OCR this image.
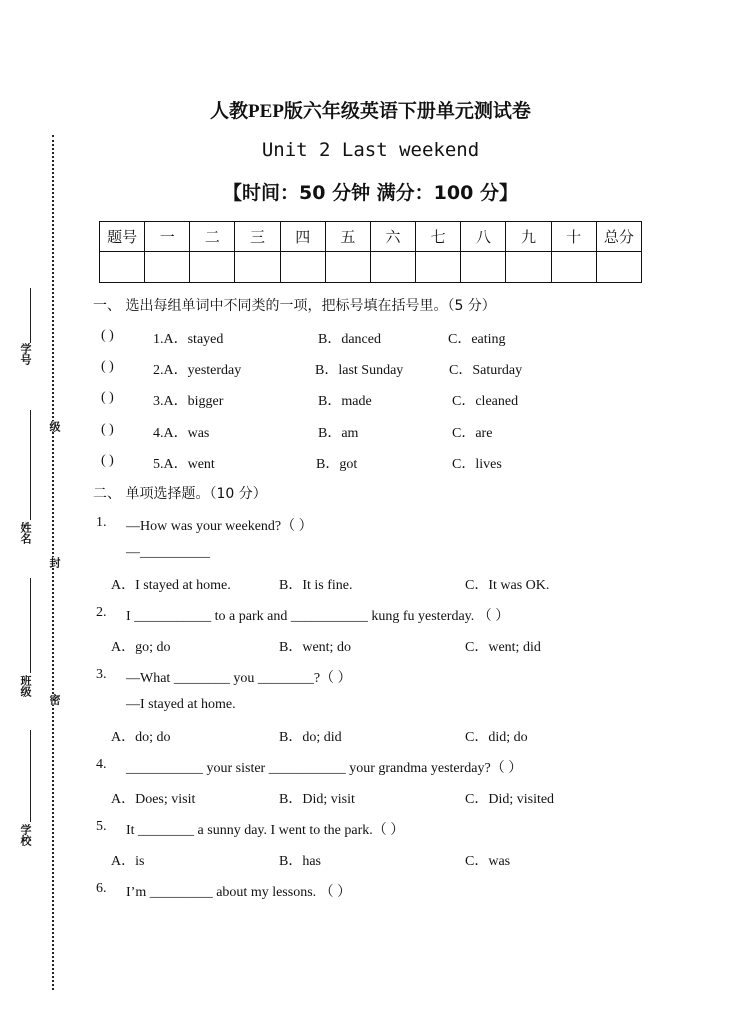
人教PEP版六年级英语下册单元测试卷
Unit 2 Last weekend
【时间：50 分钟 满分：100 分】
题号	一	二	三	四	五	六	七	八	九	十	总分

学号
级
姓名
封
班级
密
学校
一、 选出每组单词中不同类的一项，把标号填在括号里。（5 分）
( )	1.A．stayed	B．danced	C．eating
( )	2.A．yesterday	B．last Sunday	C．Saturday
( )	3.A．bigger	B．made	C．cleaned
( )	4.A．was	B．am	C．are
( )	5.A．went	B．got	C．lives
二、 单项选择题。（10 分）
1. —How was your weekend?（ ）
—__________
A．I stayed at home.	B．It is fine.	C．It was OK.
2. I ___________ to a park and ___________ kung fu yesterday. （ ）
A．go; do	B．went; do	C．went; did
3. —What ________ you ________?（ ）
—I stayed at home.
A．do; do	B．do; did	C．did; do
4. ___________ your sister ___________ your grandma yesterday?（ ）
A．Does; visit	B．Did; visit	C．Did; visited
5. It ________ a sunny day. I went to the park.（ ）
A．is	B．has	C．was
6. I’m _________ about my lessons. （ ）
